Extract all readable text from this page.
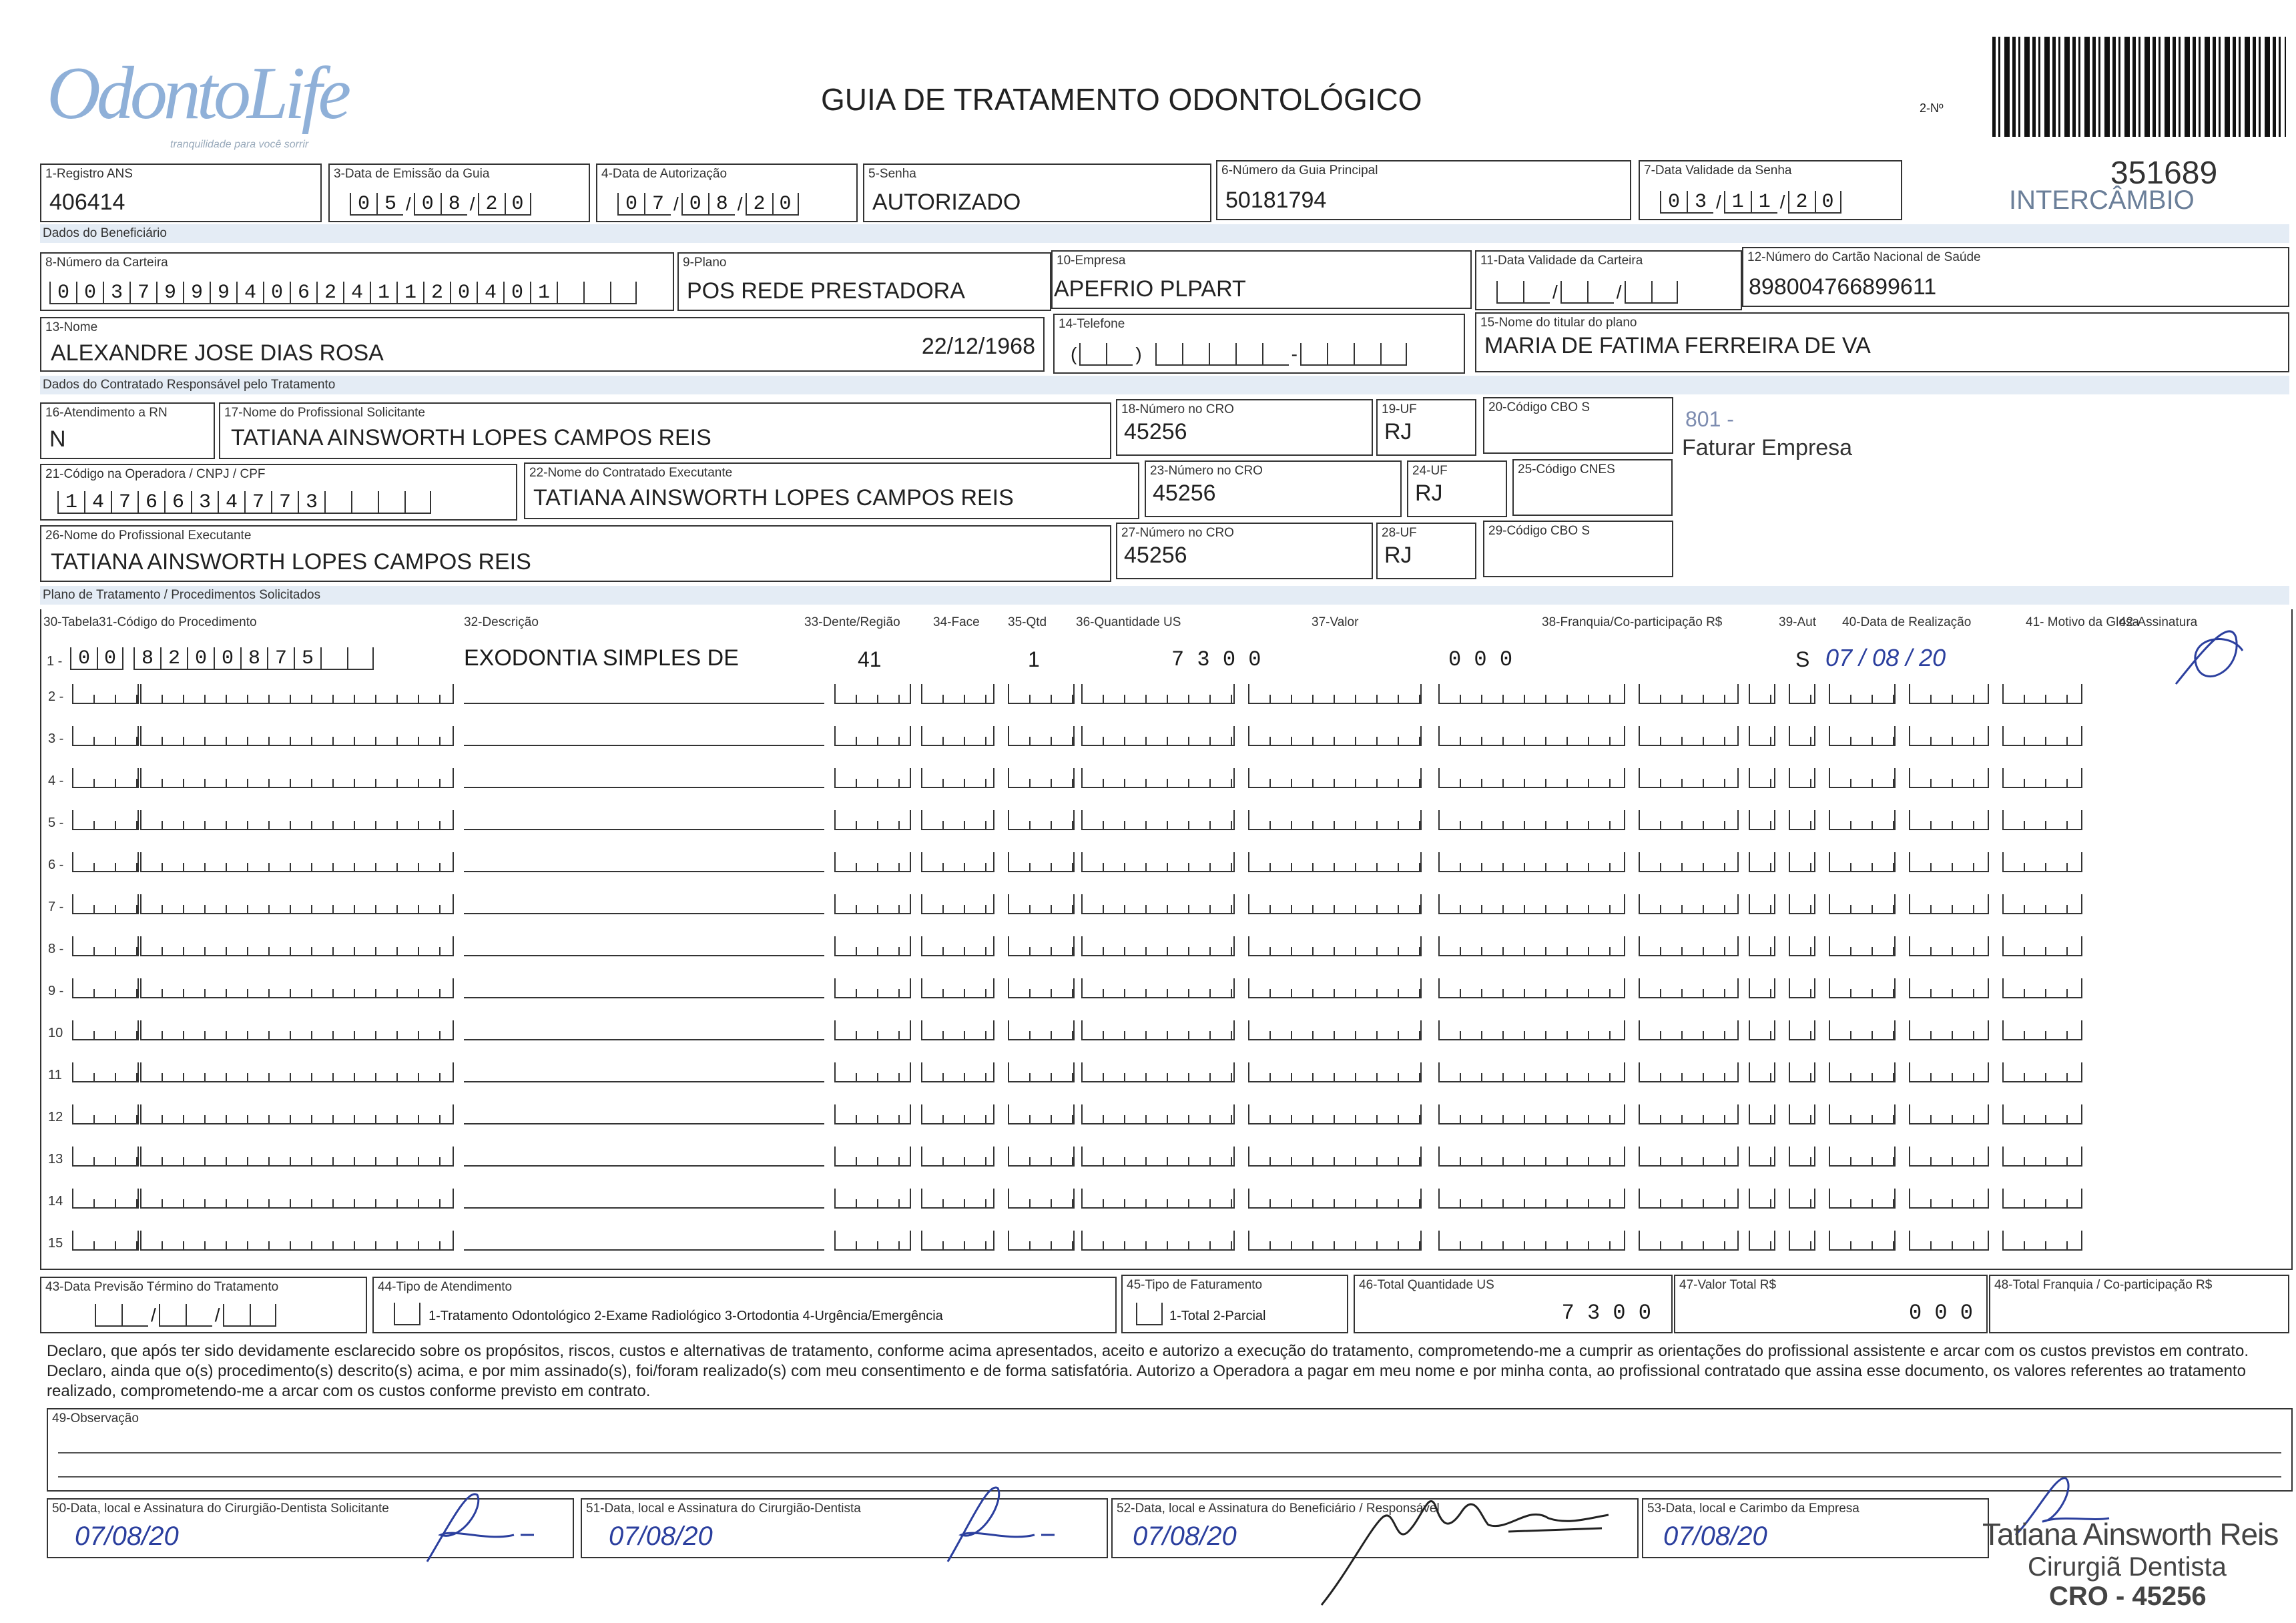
OdontoLife
tranquilidade para você sorrir
GUIA DE TRATAMENTO ODONTOLÓGICO	2-Nº
351689
INTERCÂMBIO
1-Registro ANS
406414
3-Data de Emissão da Guia
0 5 / 0 8 / 2 0
4-Data de Autorização
0 7 / 0 8 / 2 0
5-Senha
AUTORIZADO
6-Número da Guia Principal
50181794
7-Data Validade da Senha
0 3 / 1 1 / 2 0
Dados do Beneficiário
8-Número da Carteira
0 0 3 7 9 9 9 4 0 6 2 4 1 1 2 0 4 0 1
9-Plano
POS REDE PRESTADORA
10-Empresa
APEFRIO PLPART
11-Data Validade da Carteira
/	/
12-Número do Cartão Nacional de Saúde
898004766899611
13-Nome
ALEXANDRE JOSE DIAS ROSA	22/12/1968
14-Telefone
(	)	-
15-Nome do titular do plano
MARIA DE FATIMA FERREIRA DE VA
Dados do Contratado Responsável pelo Tratamento
16-Atendimento a RN
N
17-Nome do Profissional Solicitante
TATIANA AINSWORTH LOPES CAMPOS REIS
18-Número no CRO
45256
19-UF
RJ
20-Código CBO S	801 -
Faturar Empresa
21-Código na Operadora / CNPJ / CPF
1 4 7 6 6 3 4 7 7 3
22-Nome do Contratado Executante
TATIANA AINSWORTH LOPES CAMPOS REIS
23-Número no CRO
45256
24-UF
RJ
25-Código CNES
26-Nome do Profissional Executante
TATIANA AINSWORTH LOPES CAMPOS REIS
27-Número no CRO
45256
28-UF
RJ
29-Código CBO S
Plano de Tratamento / Procedimentos Solicitados
30-Tabela 31-Código do Procedimento	32-Descrição	33-Dente/Região	34-Face 35-Qtd 36-Quantidade US	37-Valor	38-Franquia/Co-participação R$	39-Aut 40-Data de Realização	41- Motivo da Glosa
42-Assinatura
1 - 0 0	8 2 0 0 8 7 5	EXODONTIA SIMPLES DE	41	1	7 3 0 0	0 0 0	S 07 / 08 / 20
2 -
3 -
4 -
5 -
6 -
7 -
8 -
9 -
10
11
12
13
14
15
43-Data Previsão Término do Tratamento
/	/
44-Tipo de Atendimento
1-Tratamento Odontológico 2-Exame Radiológico 3-Ortodontia 4-Urgência/Emergência
45-Tipo de Faturamento
1-Total 2-Parcial
46-Total Quantidade US
7 3 0 0
47-Valor Total R$
0 0 0
48-Total Franquia / Co-participação R$
Declaro, que após ter sido devidamente esclarecido sobre os propósitos, riscos, custos e alternativas de tratamento, conforme acima apresentados, aceito e autorizo a execução do tratamento, comprometendo-me a cumprir as orientações do profissional assistente e arcar com os custos previstos em contrato. Declaro, ainda que o(s) procedimento(s) descrito(s) acima, e por mim assinado(s), foi/foram realizado(s) com meu consentimento e de forma satisfatória. Autorizo a Operadora a pagar em meu nome e por minha conta, ao profissional contratado que assina esse documento, os valores referentes ao tratamento realizado, comprometendo-me a arcar com os custos conforme previsto em contrato.
49-Observação
50-Data, local e Assinatura do Cirurgião-Dentista Solicitante
07/08/20
51-Data, local e Assinatura do Cirurgião-Dentista
07/08/20
52-Data, local e Assinatura do Beneficiário / Responsável
07/08/20
53-Data, local e Carimbo da Empresa
07/08/20	Tatiana Ainsworth Reis
Cirurgiã Dentista
CRO - 45256
